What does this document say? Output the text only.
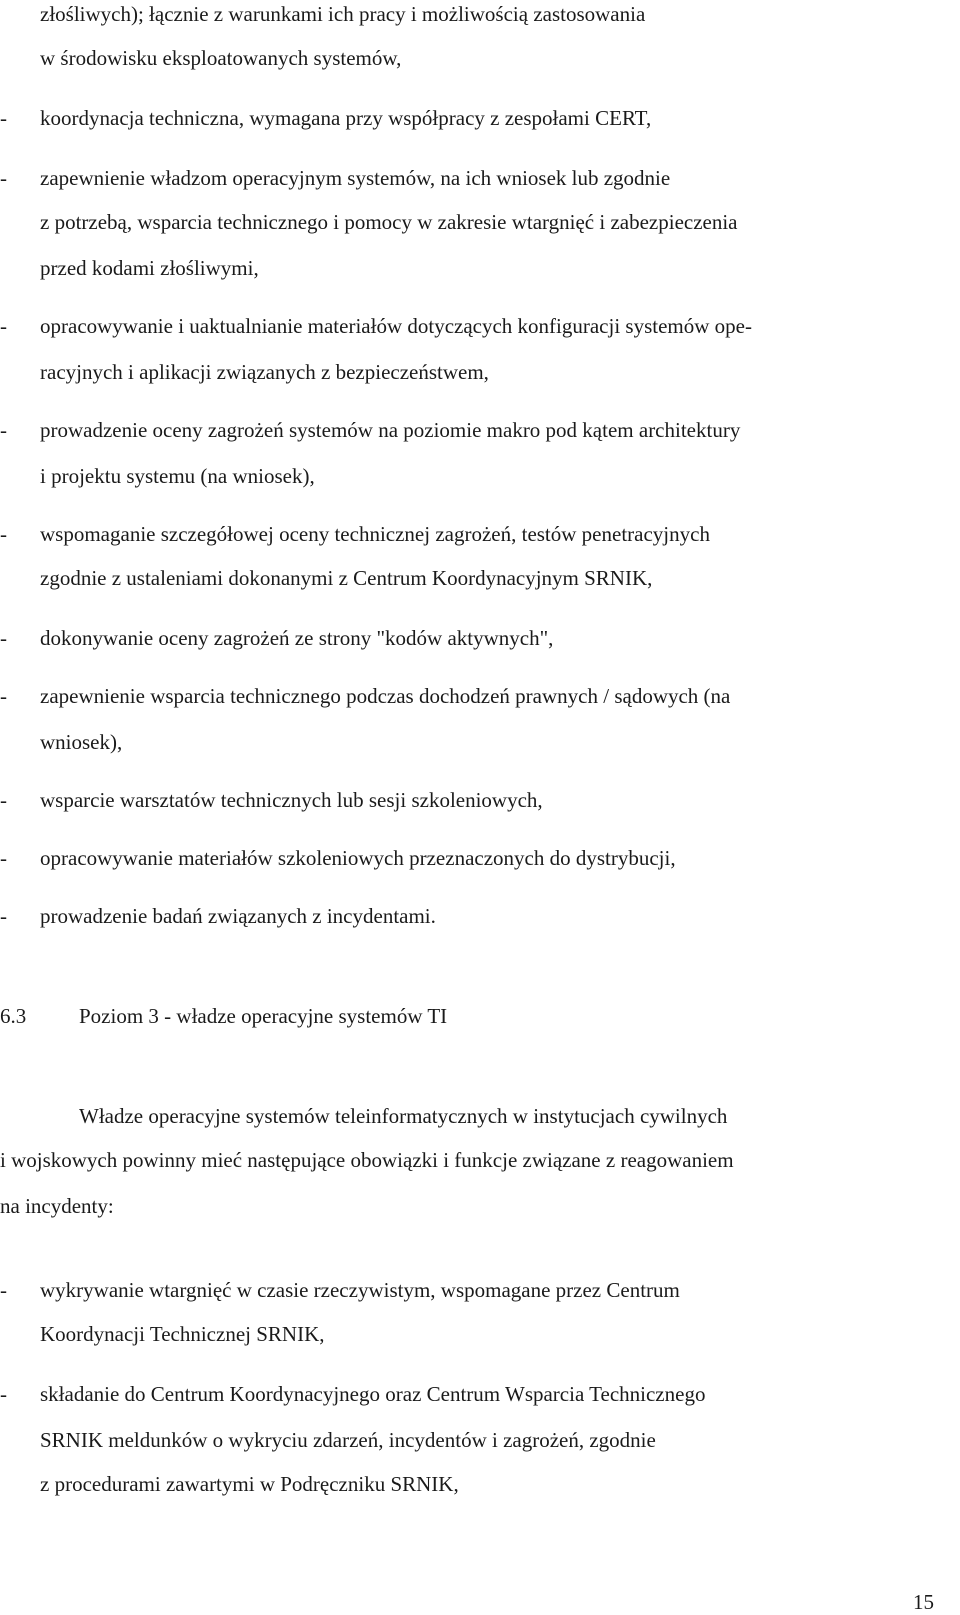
złośliwych); łącznie z warunkami ich pracy i możliwością zastosowania
w środowisku eksploatowanych systemów,
- koordynacja techniczna, wymagana przy współpracy z zespołami CERT,
- zapewnienie władzom operacyjnym systemów, na ich wniosek lub zgodnie
z potrzebą, wsparcia technicznego i pomocy w zakresie wtargnięć i zabezpieczenia
przed kodami złośliwymi,
- opracowywanie i uaktualnianie materiałów dotyczących konfiguracji systemów ope-
racyjnych i aplikacji związanych z bezpieczeństwem,
- prowadzenie oceny zagrożeń systemów na poziomie makro pod kątem architektury
i projektu systemu (na wniosek),
- wspomaganie szczegółowej oceny technicznej zagrożeń, testów penetracyjnych
zgodnie z ustaleniami dokonanymi z Centrum Koordynacyjnym SRNIK,
- dokonywanie oceny zagrożeń ze strony "kodów aktywnych",
- zapewnienie wsparcia technicznego podczas dochodzeń prawnych / sądowych (na
wniosek),
- wsparcie warsztatów technicznych lub sesji szkoleniowych,
- opracowywanie materiałów szkoleniowych przeznaczonych do dystrybucji,
- prowadzenie badań związanych z incydentami.
6.3	Poziom 3 - władze operacyjne systemów TI
Władze operacyjne systemów teleinformatycznych w instytucjach cywilnych
i wojskowych powinny mieć następujące obowiązki i funkcje związane z reagowaniem
na incydenty:
- wykrywanie wtargnięć w czasie rzeczywistym, wspomagane przez Centrum
Koordynacji Technicznej SRNIK,
- składanie do Centrum Koordynacyjnego oraz Centrum Wsparcia Technicznego
SRNIK meldunków o wykryciu zdarzeń, incydentów i zagrożeń, zgodnie
z procedurami zawartymi w Podręczniku SRNIK,
15
